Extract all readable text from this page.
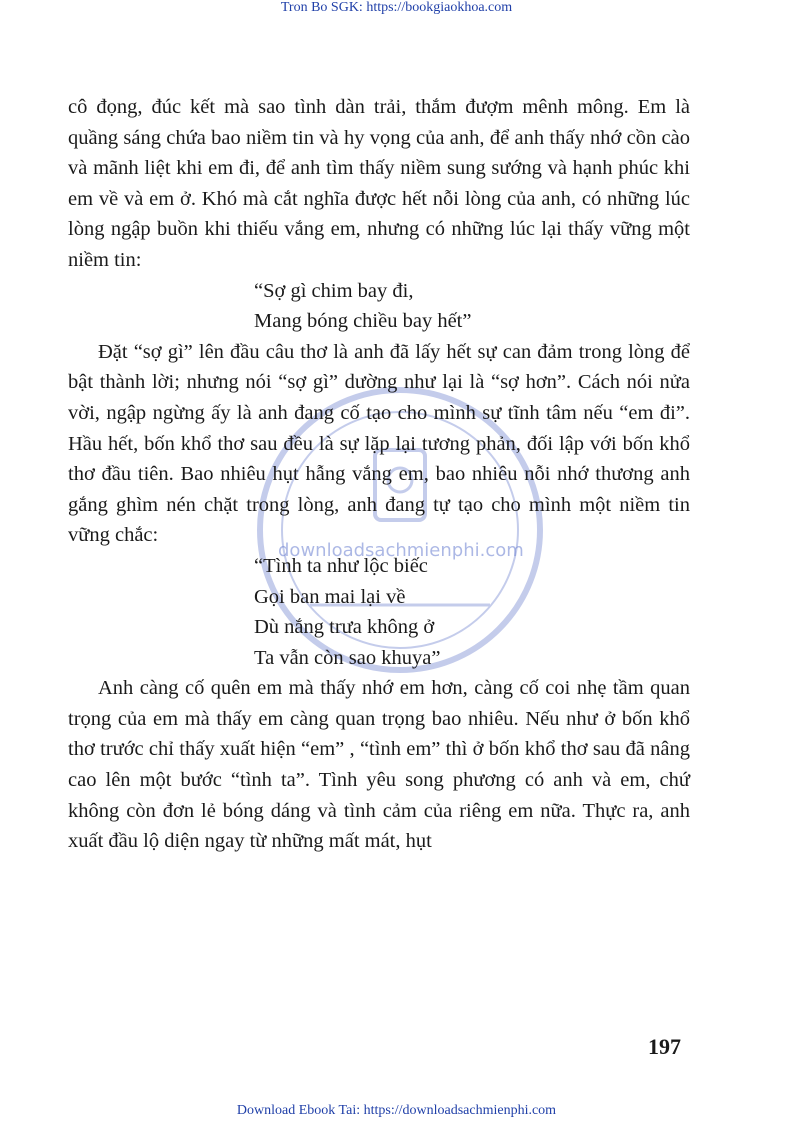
Tron Bo SGK: https://bookgiaokhoa.com
downloadsachmienphi.com

cô đọng, đúc kết mà sao tình dàn trải, thắm đượm mênh mông. Em là quầng sáng chứa bao niềm tin và hy vọng của anh, để anh thấy nhớ cồn cào và mãnh liệt khi em đi, để anh tìm thấy niềm sung sướng và hạnh phúc khi em về và em ở. Khó mà cắt nghĩa được hết nỗi lòng của anh, có những lúc lòng ngập buồn khi thiếu vắng em, nhưng có những lúc lại thấy vững một niềm tin:

“Sợ gì chim bay đi,

Mang bóng chiều bay hết”

Đặt “sợ gì” lên đầu câu thơ là anh đã lấy hết sự can đảm trong lòng để bật thành lời; nhưng nói “sợ gì” dường như lại là “sợ hơn”. Cách nói nửa vời, ngập ngừng ấy là anh đang cố tạo cho mình sự tĩnh tâm nếu “em đi”. Hầu hết, bốn khổ thơ sau đều là sự lặp lại tương phản, đối lập với bốn khổ thơ đầu tiên. Bao nhiêu hụt hẫng vắng em, bao nhiêu nỗi nhớ thương anh gắng ghìm nén chặt trong lòng, anh đang tự tạo cho mình một niềm tin vững chắc:

“Tình ta như lộc biếc

Gọi ban mai lại về

Dù nắng trưa không ở

Ta vẫn còn sao khuya”

Anh càng cố quên em mà thấy nhớ em hơn, càng cố coi nhẹ tầm quan trọng của em mà thấy em càng quan trọng bao nhiêu. Nếu như ở bốn khổ thơ trước chỉ thấy xuất hiện “em” , “tình em” thì ở bốn khổ thơ sau đã nâng cao lên một bước “tình ta”. Tình yêu song phương có anh và em, chứ không còn đơn lẻ bóng dáng và tình cảm của riêng em nữa. Thực ra, anh xuất đầu lộ diện ngay từ những mất mát, hụt

197
Download Ebook Tai: https://downloadsachmienphi.com
